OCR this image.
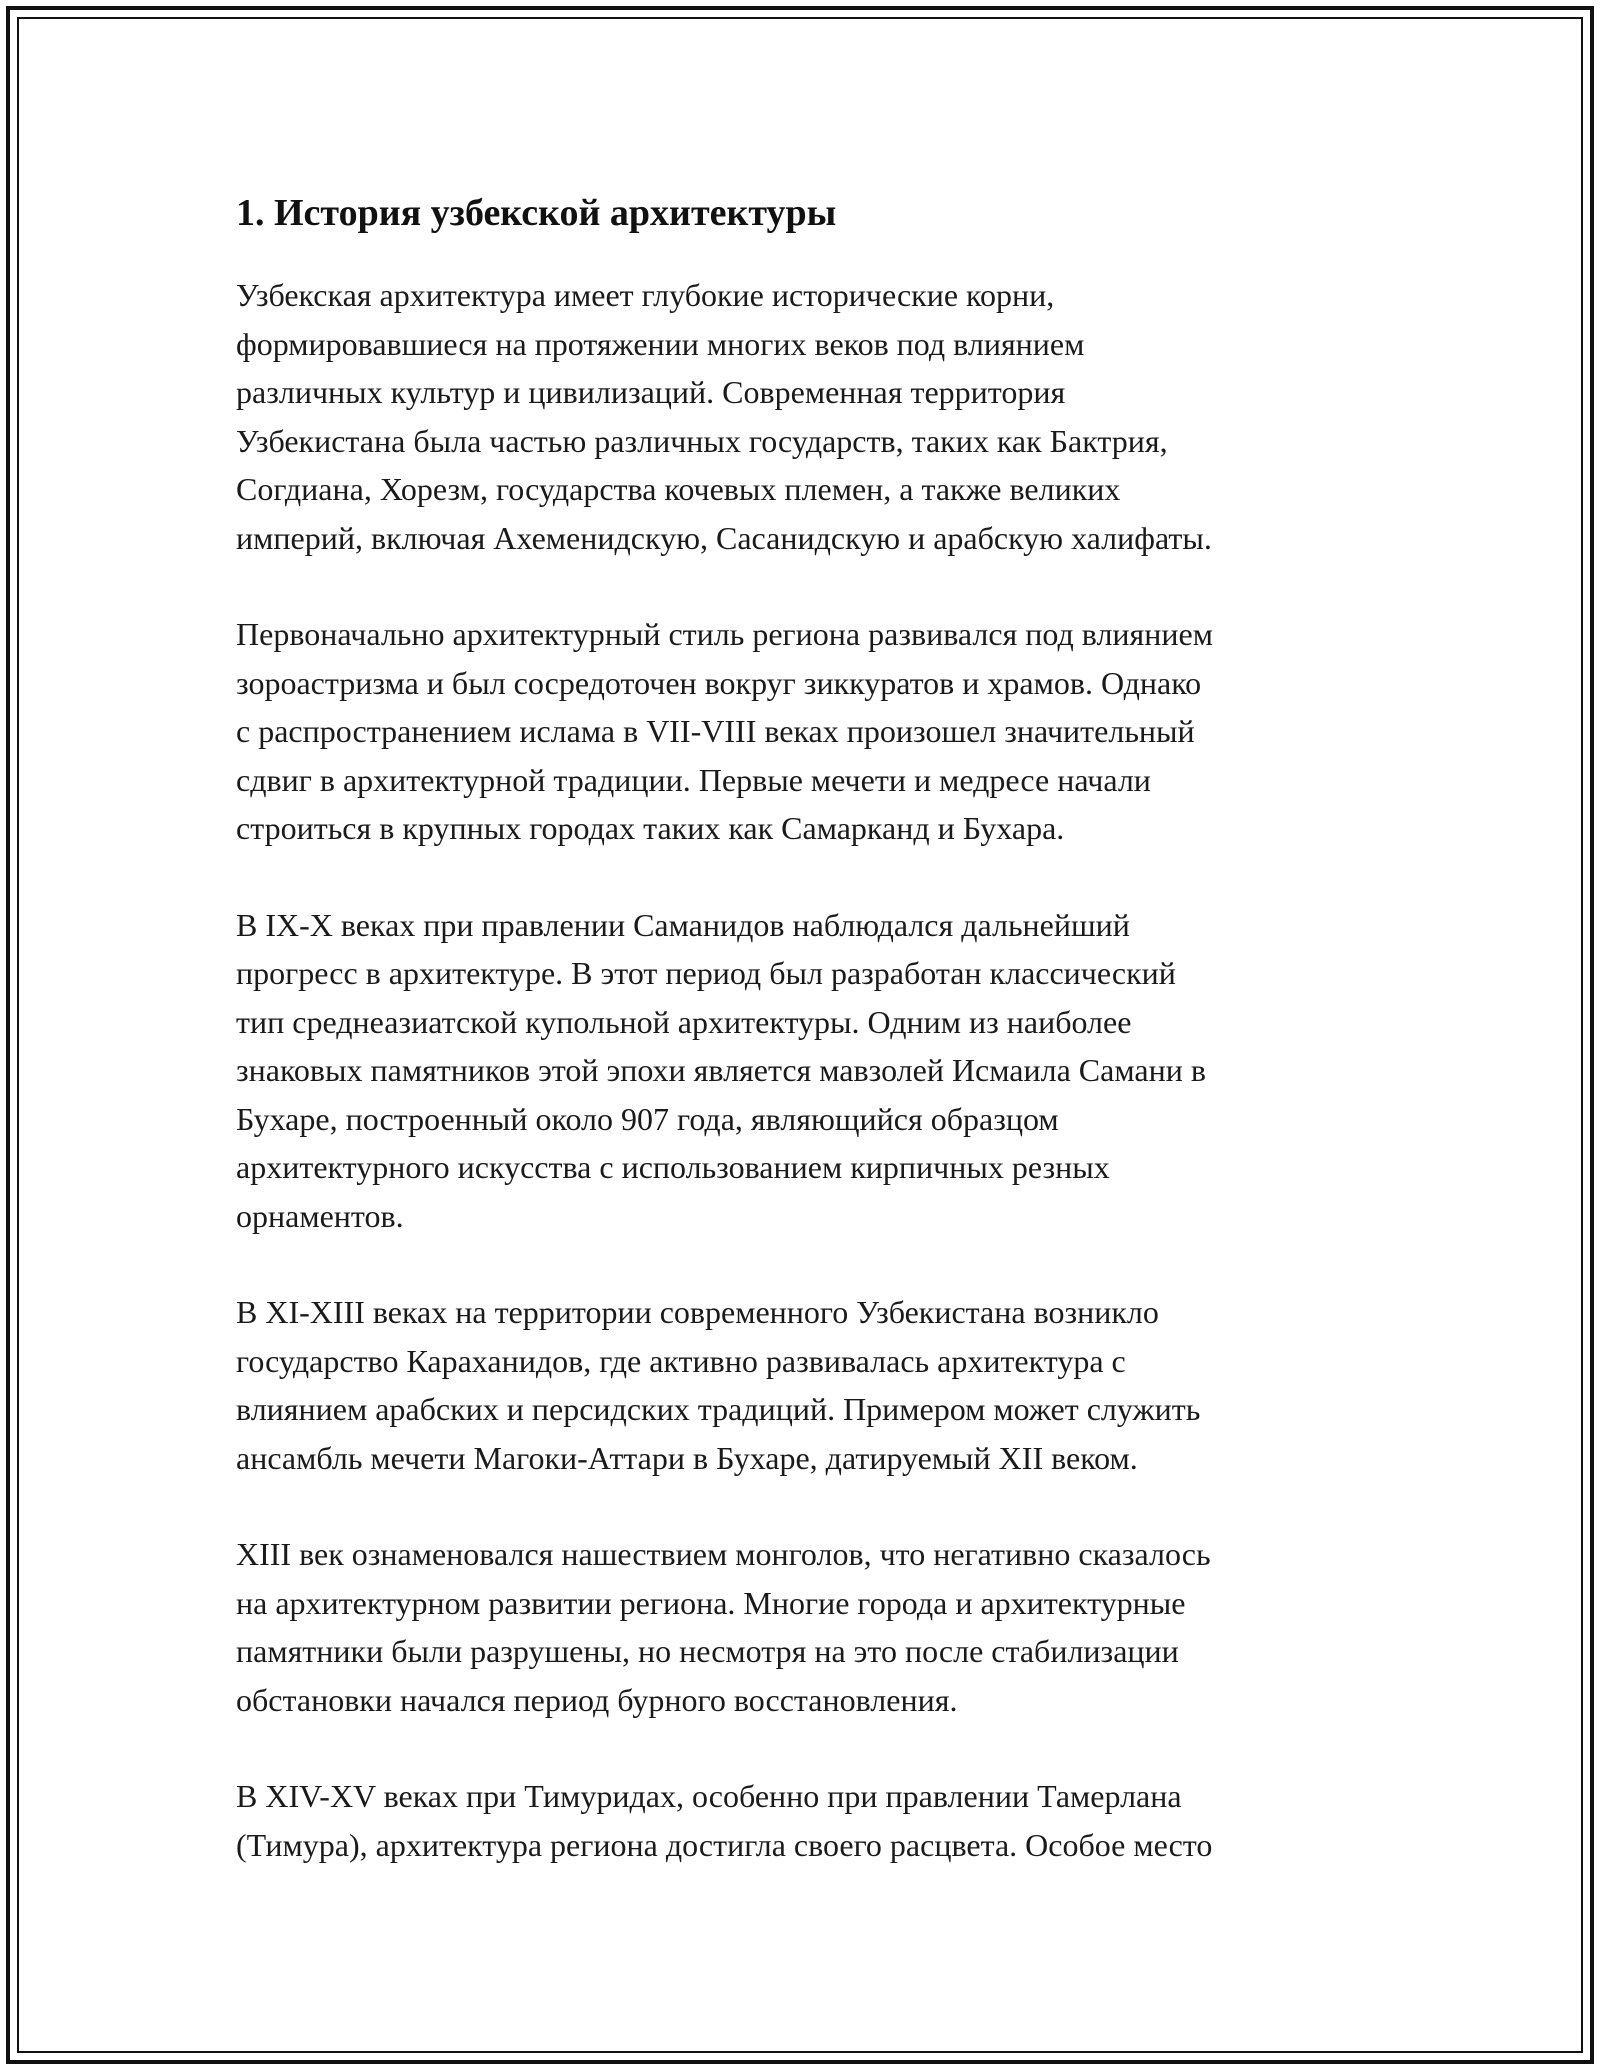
1. История узбекской архитектуры

Узбекская архитектура имеет глубокие исторические корни,
формировавшиеся на протяжении многих веков под влиянием
различных культур и цивилизаций. Современная территория
Узбекистана была частью различных государств, таких как Бактрия,
Согдиана, Хорезм, государства кочевых племен, а также великих
империй, включая Ахеменидскую, Сасанидскую и арабскую халифаты.

Первоначально архитектурный стиль региона развивался под влиянием
зороастризма и был сосредоточен вокруг зиккуратов и храмов. Однако
с распространением ислама в VII-VIII веках произошел значительный
сдвиг в архитектурной традиции. Первые мечети и медресе начали
строиться в крупных городах таких как Самарканд и Бухара.

В IX-X веках при правлении Саманидов наблюдался дальнейший
прогресс в архитектуре. В этот период был разработан классический
тип среднеазиатской купольной архитектуры. Одним из наиболее
знаковых памятников этой эпохи является мавзолей Исмаила Самани в
Бухаре, построенный около 907 года, являющийся образцом
архитектурного искусства с использованием кирпичных резных
орнаментов.

В XI-XIII веках на территории современного Узбекистана возникло
государство Караханидов, где активно развивалась архитектура с
влиянием арабских и персидских традиций. Примером может служить
ансамбль мечети Магоки-Аттари в Бухаре, датируемый XII веком.

XIII век ознаменовался нашествием монголов, что негативно сказалось
на архитектурном развитии региона. Многие города и архитектурные
памятники были разрушены, но несмотря на это после стабилизации
обстановки начался период бурного восстановления.

В XIV-XV веках при Тимуридах, особенно при правлении Тамерлана
(Тимура), архитектура региона достигла своего расцвета. Особое место
